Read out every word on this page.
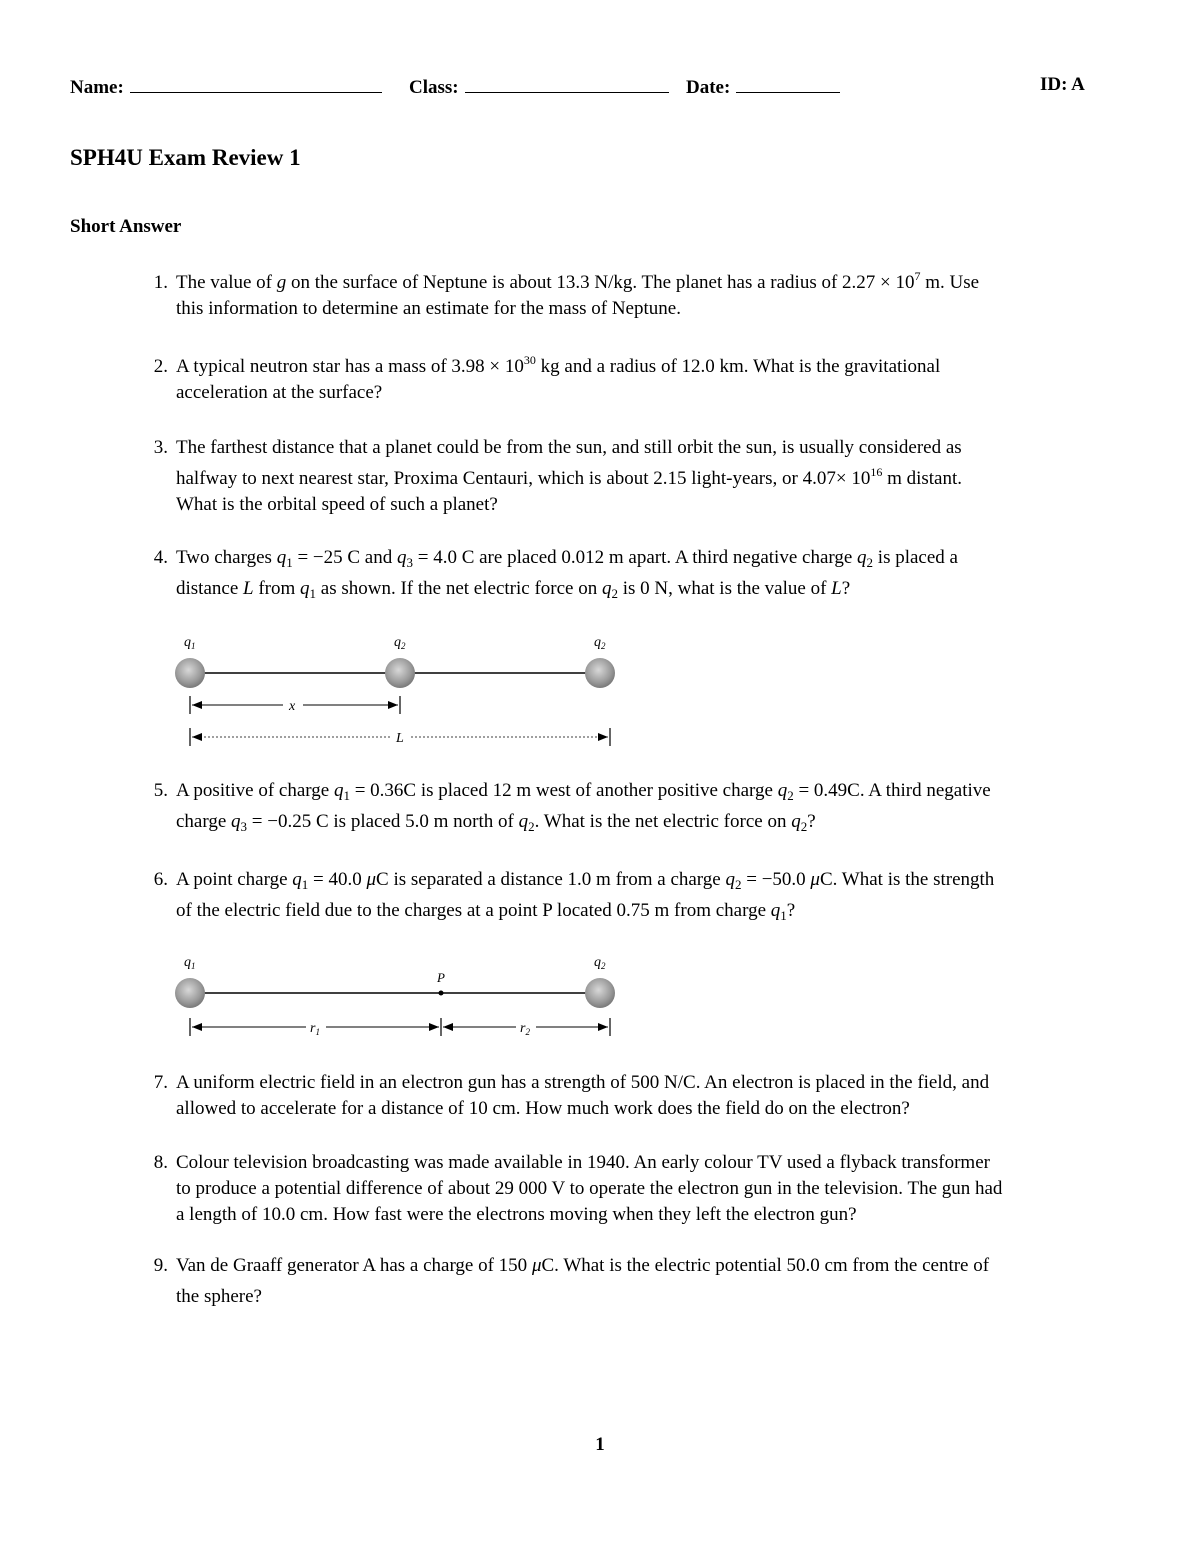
Name:	Class:	Date:	ID: A
SPH4U Exam Review 1
Short Answer
1. The value of g on the surface of Neptune is about 13.3 N/kg. The planet has a radius of $2.27 \times 10^7$ m. Use
this information to determine an estimate for the mass of Neptune.
2. A typical neutron star has a mass of $3.98 \times 10^{30}$ kg and a radius of 12.0 km. What is the gravitational
acceleration at the surface?
3. The farthest distance that a planet could be from the sun, and still orbit the sun, is usually considered as
halfway to next nearest star, Proxima Centauri, which is about 2.15 light-years, or $4.07\times 10^{16}$ m distant.
What is the orbital speed of such a planet?
4. Two charges $q_1 = -25$ C and $q_3 = 4.0$ C are placed 0.012 m apart. A third negative charge $q_2$ is placed a
distance L from $q_1$ as shown. If the net electric force on $q_2$ is 0 N, what is the value of L?
$q_1$	$q_2$	$q_2$
x
L
5. A positive of charge $q_1 = 0.36C$ is placed 12 m west of another positive charge $q_2 = 0.49C$. A third negative
charge $q_3 = -0.25$ C is placed 5.0 m north of $q_2$. What is the net electric force on $q_2$?
6. A point charge $q_1 = 40.0$ μC is separated a distance 1.0 m from a charge $q_2 = -50.0$ μC. What is the strength
of the electric field due to the charges at a point P located 0.75 m from charge $q_1$?
$q_1$
P
$q_2$
$r_1$	$r_2$
7. A uniform electric field in an electron gun has a strength of 500 N/C. An electron is placed in the field, and
allowed to accelerate for a distance of 10 cm. How much work does the field do on the electron?
8. Colour television broadcasting was made available in 1940. An early colour TV used a flyback transformer
to produce a potential difference of about 29 000 V to operate the electron gun in the television. The gun had
a length of 10.0 cm. How fast were the electrons moving when they left the electron gun?
9. Van de Graaff generator A has a charge of 150 μC. What is the electric potential 50.0 cm from the centre of
the sphere?
1
